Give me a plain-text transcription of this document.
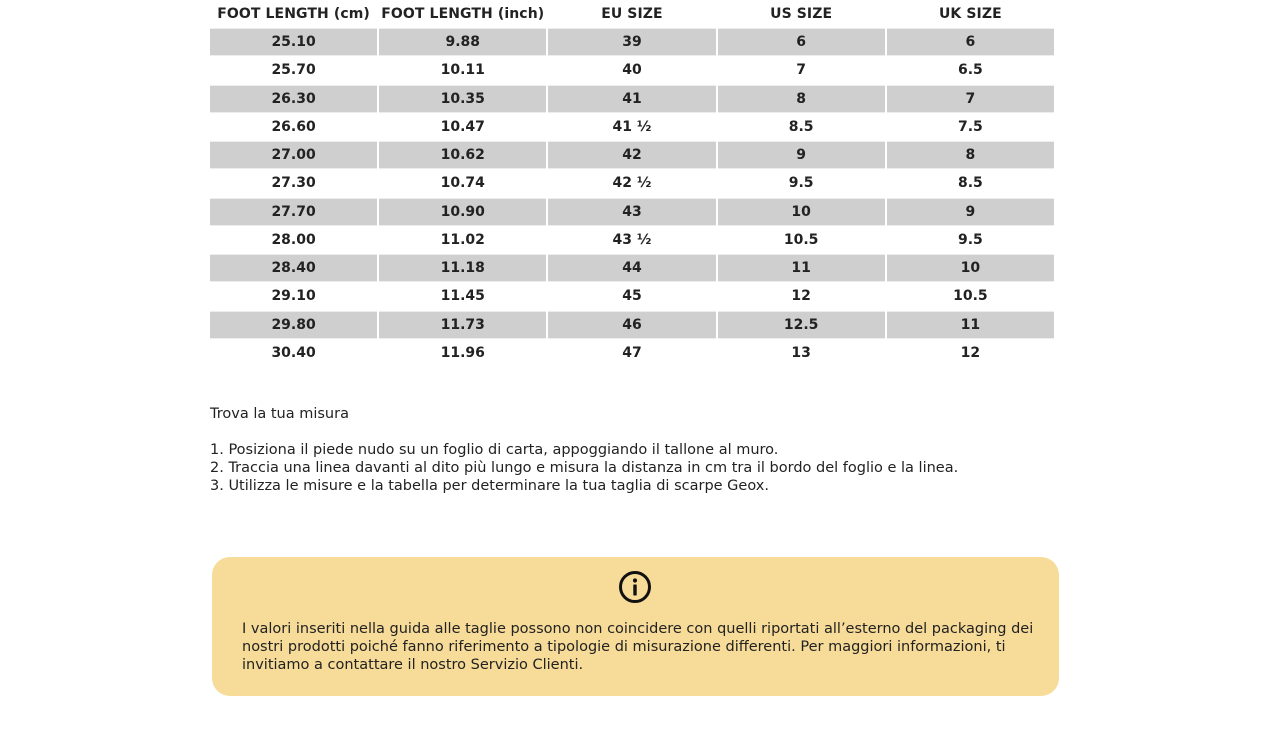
FOOT LENGTH (cm)	FOOT LENGTH (inch)	EU SIZE	US SIZE	UK SIZE
25.10	9.88	39	6	6
25.70	10.11	40	7	6.5
26.30	10.35	41	8	7
26.60	10.47	41 ½	8.5	7.5
27.00	10.62	42	9	8
27.30	10.74	42 ½	9.5	8.5
27.70	10.90	43	10	9
28.00	11.02	43 ½	10.5	9.5
28.40	11.18	44	11	10
29.10	11.45	45	12	10.5
29.80	11.73	46	12.5	11
30.40	11.96	47	13	12

Trova la tua misura

1. Posiziona il piede nudo su un foglio di carta, appoggiando il tallone al muro.

2. Traccia una linea davanti al dito più lungo e misura la distanza in cm tra il bordo del foglio e la linea.

3. Utilizza le misure e la tabella per determinare la tua taglia di scarpe Geox.

I valori inseriti nella guida alle taglie possono non coincidere con quelli riportati all’esterno del packaging dei nostri prodotti poiché fanno riferimento a tipologie di misurazione differenti. Per maggiori informazioni, ti invitiamo a contattare il nostro Servizio Clienti.
